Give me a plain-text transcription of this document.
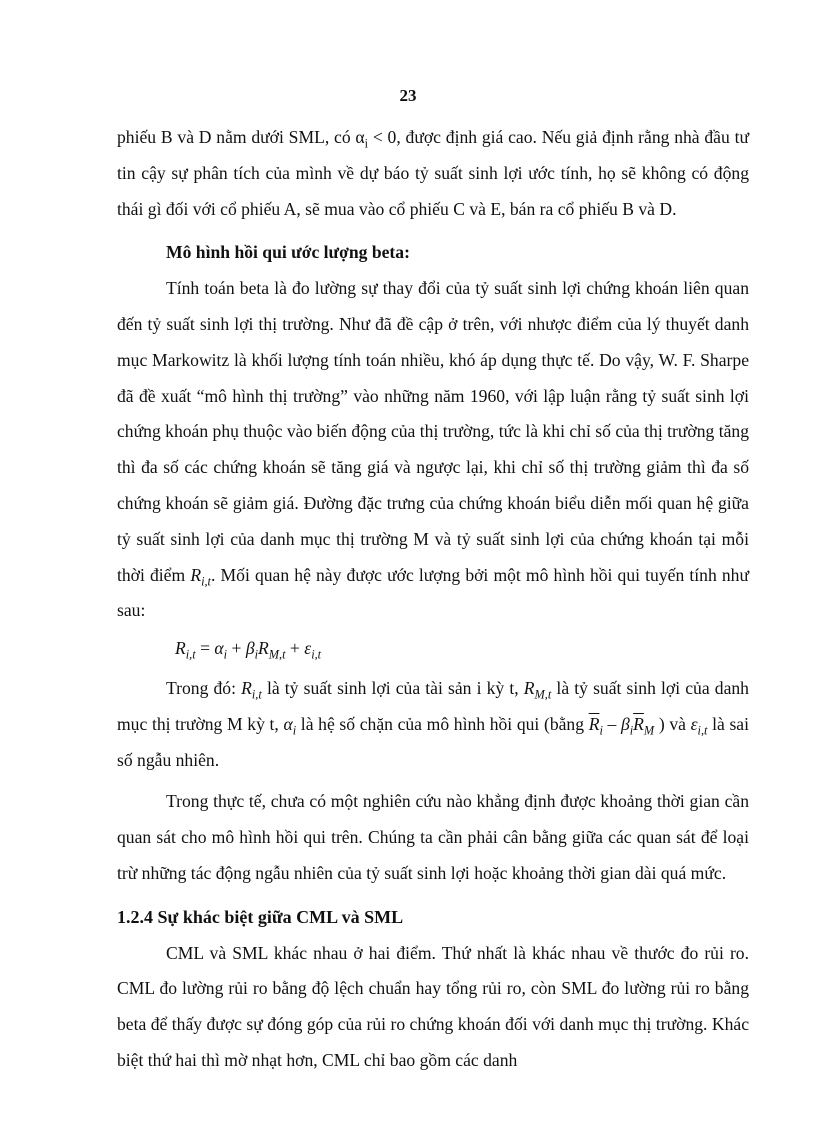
23

phiếu B và D nằm dưới SML, có $\alpha_i < 0$, được định giá cao. Nếu giả định rằng nhà đầu tư tin cậy sự phân tích của mình về dự báo tỷ suất sinh lợi ước tính, họ sẽ không có động thái gì đối với cổ phiếu A, sẽ mua vào cổ phiếu C và E, bán ra cổ phiếu B và D.

Mô hình hồi qui ước lượng beta:

Tính toán beta là đo lường sự thay đổi của tỷ suất sinh lợi chứng khoán liên quan đến tỷ suất sinh lợi thị trường. Như đã đề cập ở trên, với nhược điểm của lý thuyết danh mục Markowitz là khối lượng tính toán nhiều, khó áp dụng thực tế. Do vậy, W. F. Sharpe đã đề xuất “mô hình thị trường” vào những năm 1960, với lập luận rằng tỷ suất sinh lợi chứng khoán phụ thuộc vào biến động của thị trường, tức là khi chỉ số của thị trường tăng thì đa số các chứng khoán sẽ tăng giá và ngược lại, khi chỉ số thị trường giảm thì đa số chứng khoán sẽ giảm giá. Đường đặc trưng của chứng khoán biểu diễn mối quan hệ giữa tỷ suất sinh lợi của danh mục thị trường M và tỷ suất sinh lợi của chứng khoán tại mỗi thời điểm $R_{i,t}$. Mối quan hệ này được ước lượng bởi một mô hình hồi qui tuyến tính như sau:

$R_{i,t} = \alpha_i + \beta_iR_{M,t} + \varepsilon_{i,t}$

Trong đó: $R_{i,t}$ là tỷ suất sinh lợi của tài sản i kỳ t, $R_{M,t}$ là tỷ suất sinh lợi của danh mục thị trường M kỳ t, $\alpha_i$ là hệ số chặn của mô hình hồi qui (bằng $\overline{R}_i - \beta_i\overline{R}_M$ ) và $\varepsilon_{i,t}$ là sai số ngẫu nhiên.

Trong thực tế, chưa có một nghiên cứu nào khẳng định được khoảng thời gian cần quan sát cho mô hình hồi qui trên. Chúng ta cần phải cân bằng giữa các quan sát để loại trừ những tác động ngẫu nhiên của tỷ suất sinh lợi hoặc khoảng thời gian dài quá mức.

1.2.4 Sự khác biệt giữa CML và SML

CML và SML khác nhau ở hai điểm. Thứ nhất là khác nhau về thước đo rủi ro. CML đo lường rủi ro bằng độ lệch chuẩn hay tổng rủi ro, còn SML đo lường rủi ro bằng beta để thấy được sự đóng góp của rủi ro chứng khoán đối với danh mục thị trường. Khác biệt thứ hai thì mờ nhạt hơn, CML chỉ bao gồm các danh
